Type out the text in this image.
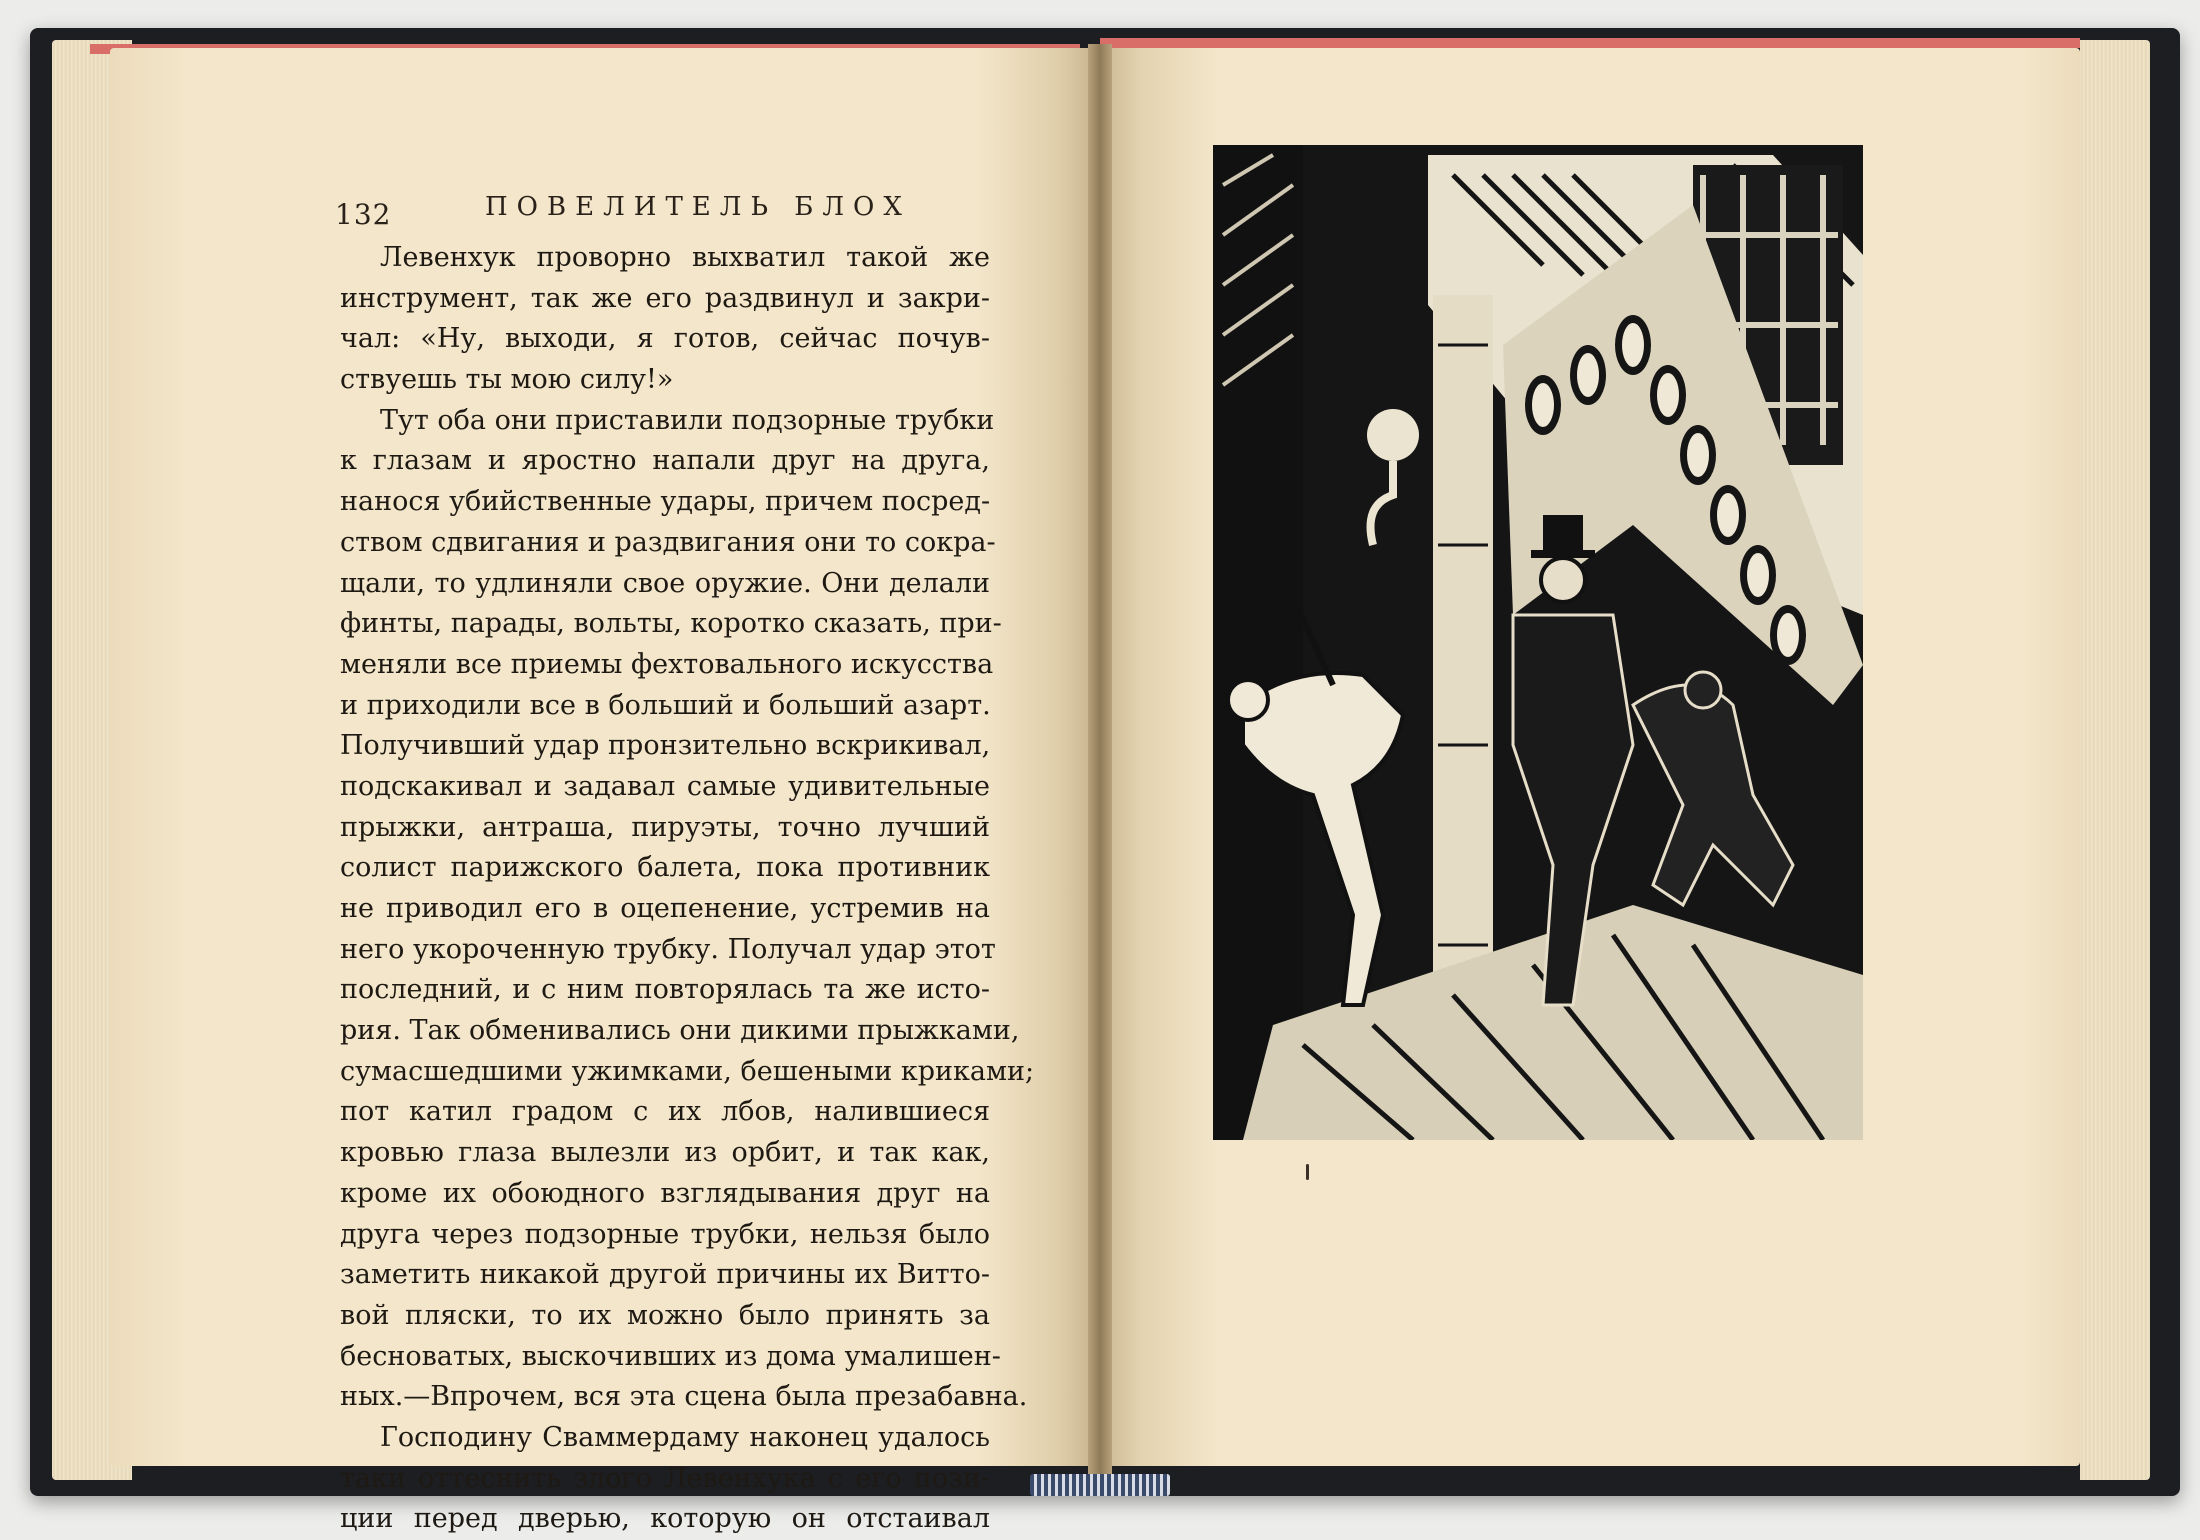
132	ПОВЕЛИТЕЛЬ БЛОХ
Левенхук проворно выхватил такой же
инструмент, так же его раздвинул и закри-
чал: «Ну, выходи, я готов, сейчас почув-
ствуешь ты мою силу!»
Тут оба они приставили подзорные трубки
к глазам и яростно напали друг на друга,
нанося убийственные удары, причем посред-
ством сдвигания и раздвигания они то сокра-
щали, то удлиняли свое оружие. Они делали
финты, парады, вольты, коротко сказать, при-
меняли все приемы фехтовального искусства
и приходили все в больший и больший азарт.
Получивший удар пронзительно вскрикивал,
подскакивал и задавал самые удивительные
прыжки, антраша, пируэты, точно лучший
солист парижского балета, пока противник
не приводил его в оцепенение, устремив на
него укороченную трубку. Получал удар этот
последний, и с ним повторялась та же исто-
рия. Так обменивались они дикими прыжками,
сумасшедшими ужимками, бешеными криками;
пот катил градом с их лбов, налившиеся
кровью глаза вылезли из орбит, и так как,
кроме их обоюдного взглядывания друг на
друга через подзорные трубки, нельзя было
заметить никакой другой причины их Витто-
вой пляски, то их можно было принять за
бесноватых, выскочивших из дома умалишен-
ных.—Впрочем, вся эта сцена была презабавна.
Господину Сваммердаму наконец удалось
таки оттеснить злого Левенхука с его пози-
ции перед дверью, которую он отстаивал
